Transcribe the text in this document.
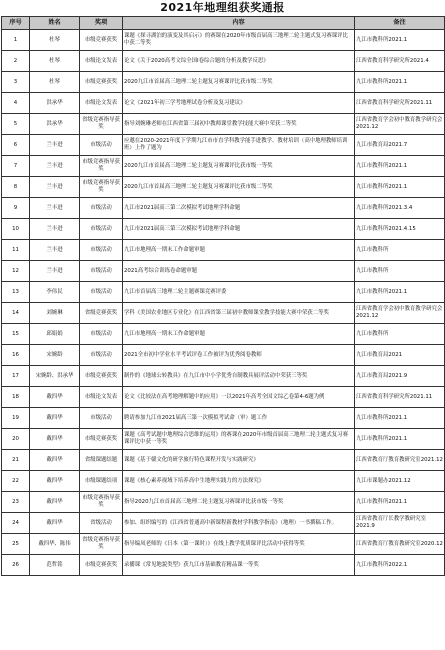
2021年地理组获奖通报
序号	姓名	奖项	内容	备注
1	杜琴	市级竞赛获奖	课题《探寻湖泊的演变及其启示》的赛课在2020年市级首届高三地理二轮主题式复习赛课评比中获二等奖	九江市教科所2021.1
2	杜琴	市级论文发表	论文《关于2020高考文综全国I卷综合题的分析及教学反思》	江西省教育科学研究所2021.4
3	杜琴	市级竞赛获奖	2020九江市首届高三地理二轮主题复习赛课评比获市级二等奖	九江市教科所2021.1
4	洪承华	市级论文发表	论文《2021年初三学考地理试卷分析及复习建议》	江西省教育科学研究所2021.11
5	洪承华	省级竞赛指导获奖	指导刘婉琳老师在江西省第三届初中教师课堂教学技能大赛中荣获二等奖	江西省教育学会初中教育教学研究会2021.12
6	兰丰进	市级活动	应邀在2020-2021年度下学期九江市市直学科教学能手进教学、教材培训（高中地理教师培训班）上作了题为	九江市教育局2021.7
7	兰丰进	市级竞赛指导获奖	2020九江市首届高三地理二轮主题复习赛课评比获市级一等奖	九江市教科所2021.1
8	兰丰进	市级竞赛指导获奖	2020九江市首届高三地理二轮主题复习赛课评比获市级二等奖	九江市教科所2021.1
9	兰丰进	市级活动	九江市2021届高三第二次模拟考试地理学科命题	九江市教科所2021.3.4
10	兰丰进	市级活动	九江市2021届高三第三次模拟考试地理学科命题	九江市教科所2021.4.15
11	兰丰进	市级活动	九江市地理高一期末工作命题审题	九江市教科所
12	兰丰进	市级活动	2021高考综合训练卷命题审题	九江市教科所
13	李伟民	市级活动	九江市首届高三地理二轮主题赛课竞赛评委	九江市教科所2021.1
14	刘婉琳	省级竞赛获奖	学科《美国农业地区专业化》在江西省第三届初中教师课堂教学技能大赛中荣获二等奖	江西省教育学会初中教育教学研究会2021.12
15	邱娟娟	市级活动	九江市地理高一期末工作命题审题	九江市教科所
16	宋婉龄	市级活动	2021全市初中学业水平考试评卷工作被评为优秀阅卷教师	九江市教育局2021
17	宋婉龄、洪承华	市级竞赛获奖	制作的《地球公转教具》在九江市中小学优秀自制教具展评活动中荣获三等奖	九江市教育局2021.9
18	戴四华	市级论文发表	论文《比较法在高考地理解题中的应用》一以2021年高考全国文综乙卷第4-6题为例	江西省教育科学研究所2021.11
19	戴四华	市级活动	聘请参加九江市2021届高三第一次模拟考试命（审）题工作	九江市教科所2021.1
20	戴四华	市级竞赛获奖	课题《高考试题中地理综合思维的运用》的赛课在2020年市级首届高三地理二轮主题式复习赛课评比中获一等奖	九江市教科所2021.1
21	戴四华	省级课题结题	课题《基于赣文化的研学旅行特色课程开发与实践研究》	江西省教育厅教育教研究室2021.12
22	戴四华	市级课题结项	课题《核心素养视域下培养高中生地理实践力的方法探究》	九江市课题办2021.12
23	戴四华	市级竞赛指导获奖	指导2020九江市首届高三地理二轮主题复习赛课评比获市级一等奖	九江市教科所2021.1
24	戴四华	省级活动	参加、组织编写的《江西省普通高中新课程新教材学科教学指南》（地理）一书撰稿工作。	江西省教育厅长教学教研究室2021.9
25	戴四华、陈伟	省级竞赛指导获奖	指导编凤老师的《日本（第一课时）》在线上教学优质课评比活动中获得等奖	江西省教育厅教育教研究室2020.12
26	范哲铭	市级竞赛获奖	录播课《常见地貌类型》获九江市基础教育精品课一等奖	九江市教科所2022.1
